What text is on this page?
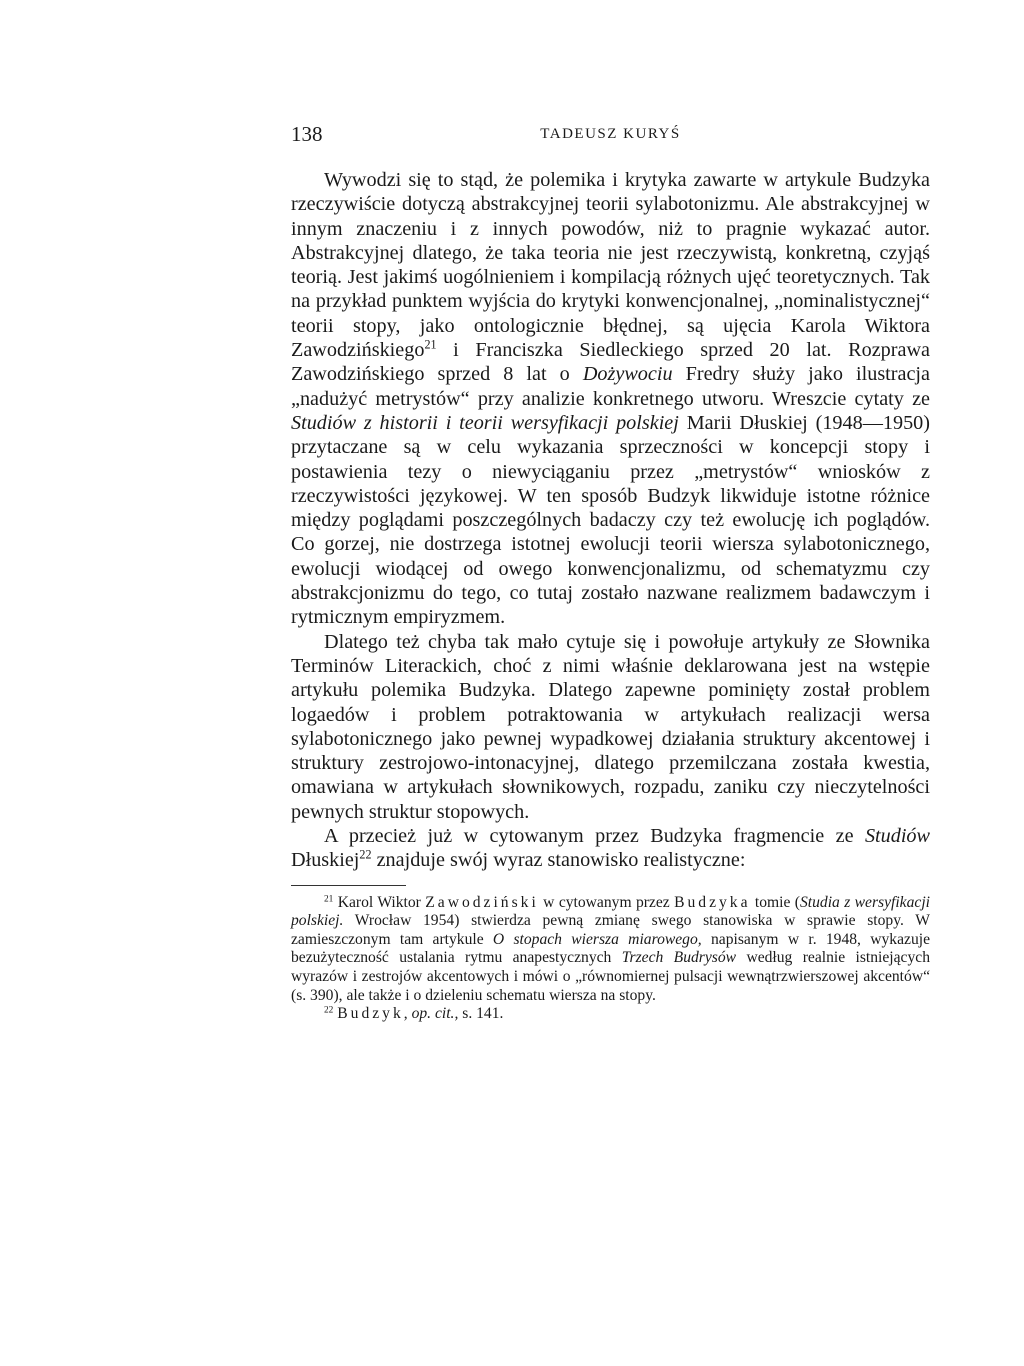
138	TADEUSZ KURYŚ

Wywodzi się to stąd, że polemika i krytyka zawarte w artykule Budzyka rzeczywiście dotyczą abstrakcyjnej teorii sylabotonizmu. Ale abstrakcyjnej w innym znaczeniu i z innych powodów, niż to pragnie wykazać autor. Abstrakcyjnej dlatego, że taka teoria nie jest rzeczywistą, konkretną, czyjąś teorią. Jest jakimś uogólnieniem i kompilacją różnych ujęć teoretycznych. Tak na przykład punktem wyjścia do krytyki konwencjonalnej, „nominalistycznej“ teorii stopy, jako ontologicznie błędnej, są ujęcia Karola Wiktora Zawodzińskiego$^{21}$ i Franciszka Siedleckiego sprzed 20 lat. Rozprawa Zawodzińskiego sprzed 8 lat o Dożywociu Fredry służy jako ilustracja „nadużyć metrystów“ przy analizie konkretnego utworu. Wreszcie cytaty ze Studiów z historii i teorii wersyfikacji polskiej Marii Dłuskiej (1948—1950) przytaczane są w celu wykazania sprzeczności w koncepcji stopy i postawienia tezy o niewyciąganiu przez „metrystów“ wniosków z rzeczywistości językowej. W ten sposób Budzyk likwiduje istotne różnice między poglądami poszczególnych badaczy czy też ewolucję ich poglądów. Co gorzej, nie dostrzega istotnej ewolucji teorii wiersza sylabotonicznego, ewolucji wiodącej od owego konwencjonalizmu, od schematyzmu czy abstrakcjonizmu do tego, co tutaj zostało nazwane realizmem badawczym i rytmicznym empiryzmem.

Dlatego też chyba tak mało cytuje się i powołuje artykuły ze Słownika Terminów Literackich, choć z nimi właśnie deklarowana jest na wstępie artykułu polemika Budzyka. Dlatego zapewne pominięty został problem logaedów i problem potraktowania w artykułach realizacji wersa sylabotonicznego jako pewnej wypadkowej działania struktury akcentowej i struktury zestrojowo-intonacyjnej, dlatego przemilczana została kwestia, omawiana w artykułach słownikowych, rozpadu, zaniku czy nieczytelności pewnych struktur stopowych.

A przecież już w cytowanym przez Budzyka fragmencie ze Studiów Dłuskiej$^{22}$ znajduje swój wyraz stanowisko realistyczne:

$^{21}$ Karol Wiktor Zawodziński w cytowanym przez Budzyka tomie (Studia z wersyfikacji polskiej. Wrocław 1954) stwierdza pewną zmianę swego stanowiska w sprawie stopy. W zamieszczonym tam artykule O stopach wiersza miarowego, napisanym w r. 1948, wykazuje bezużyteczność ustalania rytmu anapestycznych Trzech Budrysów według realnie istniejących wyrazów i zestrojów akcentowych i mówi o „równomiernej pulsacji wewnątrzwierszowej akcentów“ (s. 390), ale także i o dzieleniu schematu wiersza na stopy.

$^{22}$ Budzyk, op. cit., s. 141.
